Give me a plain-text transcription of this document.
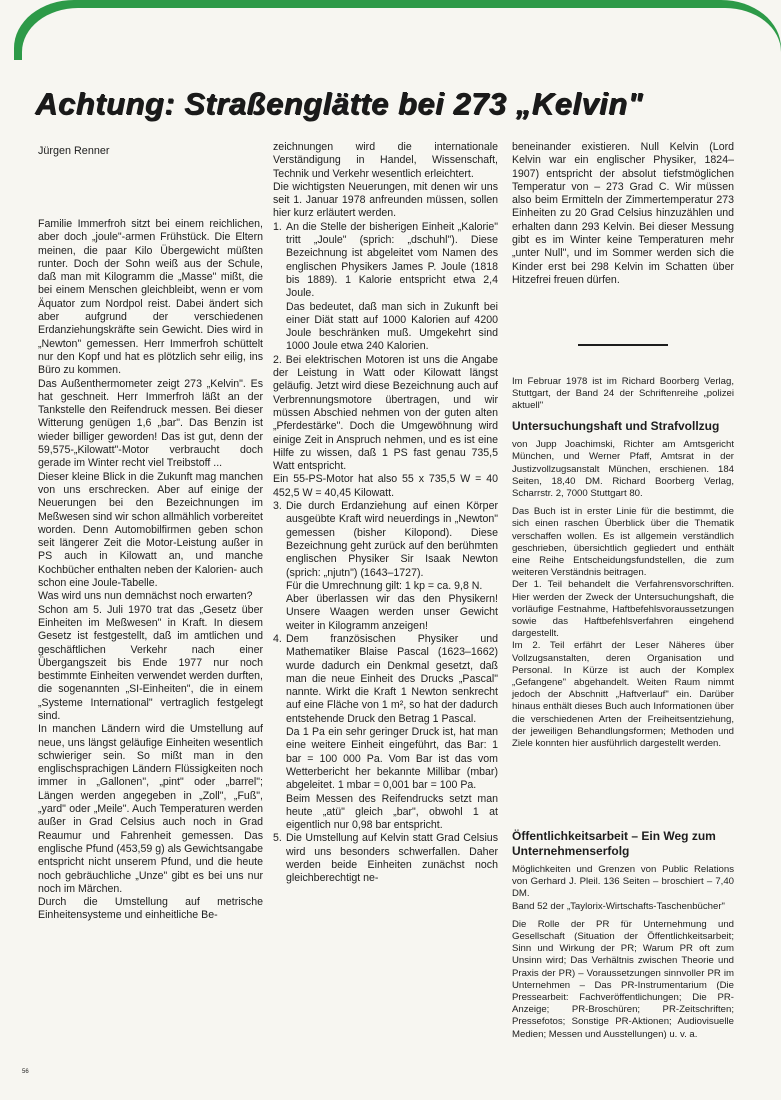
Achtung: Straßenglätte bei 273 „Kelvin"
Jürgen Renner

Familie Immerfroh sitzt bei einem reichlichen, aber doch „joule"-armen Frühstück. Die Eltern meinen, die paar Kilo Übergewicht müßten runter. Doch der Sohn weiß aus der Schule, daß man mit Kilogramm die „Masse" mißt, die bei einem Menschen gleichbleibt, wenn er vom Äquator zum Nordpol reist. Dabei ändert sich aber aufgrund der verschiedenen Erdanziehungskräfte sein Gewicht. Dies wird in „Newton" gemessen. Herr Immerfroh schüttelt nur den Kopf und hat es plötzlich sehr eilig, ins Büro zu kommen.

Das Außenthermometer zeigt 273 „Kelvin". Es hat geschneit. Herr Immerfroh läßt an der Tankstelle den Reifendruck messen. Bei dieser Witterung genügen 1,6 „bar". Das Benzin ist wieder billiger geworden! Das ist gut, denn der 59,575-„Kilowatt"-Motor verbraucht doch gerade im Winter recht viel Treibstoff ...

Dieser kleine Blick in die Zukunft mag manchen von uns erschrecken. Aber auf einige der Neuerungen bei den Bezeichnungen im Meßwesen sind wir schon allmählich vorbereitet worden. Denn Automobilfirmen geben schon seit längerer Zeit die Motor-Leistung außer in PS auch in Kilowatt an, und manche Kochbücher enthalten neben der Kalorien- auch schon eine Joule-Tabelle.

Was wird uns nun demnächst noch erwarten?

Schon am 5. Juli 1970 trat das „Gesetz über Einheiten im Meßwesen" in Kraft. In diesem Gesetz ist festgestellt, daß im amtlichen und geschäftlichen Verkehr nach einer Übergangszeit bis Ende 1977 nur noch bestimmte Einheiten verwendet werden durften, die sogenannten „SI-Einheiten", die in einem „Systeme International" vertraglich festgelegt sind.

In manchen Ländern wird die Umstellung auf neue, uns längst geläufige Einheiten wesentlich schwieriger sein. So mißt man in den englischsprachigen Ländern Flüssigkeiten noch immer in „Gallonen", „pint" oder „barrel"; Längen werden angegeben in „Zoll", „Fuß", „yard" oder „Meile". Auch Temperaturen werden außer in Grad Celsius auch noch in Grad Reaumur und Fahrenheit gemessen. Das englische Pfund (453,59 g) als Gewichtsangabe entspricht nicht unserem Pfund, und die heute noch gebräuchliche „Unze" gibt es bei uns nur noch im Märchen.

Durch die Umstellung auf metrische Einheitensysteme und einheitliche Be-

zeichnungen wird die internationale Verständigung in Handel, Wissenschaft, Technik und Verkehr wesentlich erleichtert.

Die wichtigsten Neuerungen, mit denen wir uns seit 1. Januar 1978 anfreunden müssen, sollen hier kurz erläutert werden.

1. An die Stelle der bisherigen Einheit „Kalorie" tritt „Joule" (sprich: „dschuhl"). Diese Bezeichnung ist abgeleitet vom Namen des englischen Physikers James P. Joule (1818 bis 1889). 1 Kalorie entspricht etwa 2,4 Joule.

Das bedeutet, daß man sich in Zukunft bei einer Diät statt auf 1000 Kalorien auf 4200 Joule beschränken muß. Umgekehrt sind 1000 Joule etwa 240 Kalorien.

2. Bei elektrischen Motoren ist uns die Angabe der Leistung in Watt oder Kilowatt längst geläufig. Jetzt wird diese Bezeichnung auch auf Verbrennungsmotore übertragen, und wir müssen Abschied nehmen von der guten alten „Pferdestärke". Doch die Umgewöhnung wird einige Zeit in Anspruch nehmen, und es ist eine Hilfe zu wissen, daß 1 PS fast genau 735,5 Watt entspricht.

Ein 55-PS-Motor hat also 55 x 735,5 W = 40 452,5 W = 40,45 Kilowatt.

3. Die durch Erdanziehung auf einen Körper ausgeübte Kraft wird neuerdings in „Newton" gemessen (bisher Kilopond). Diese Bezeichnung geht zurück auf den berühmten englischen Physiker Sir Isaak Newton (sprich: „njutn") (1643–1727).

Für die Umrechnung gilt: 1 kp = ca. 9,8 N.

Aber überlassen wir das den Physikern! Unsere Waagen werden unser Gewicht weiter in Kilogramm anzeigen!

4. Dem französischen Physiker und Mathematiker Blaise Pascal (1623–1662) wurde dadurch ein Denkmal gesetzt, daß man die neue Einheit des Drucks „Pascal" nannte. Wirkt die Kraft 1 Newton senkrecht auf eine Fläche von 1 m², so hat der dadurch entstehende Druck den Betrag 1 Pascal.

Da 1 Pa ein sehr geringer Druck ist, hat man eine weitere Einheit eingeführt, das Bar: 1 bar = 100 000 Pa. Vom Bar ist das vom Wetterbericht her bekannte Millibar (mbar) abgeleitet. 1 mbar = 0,001 bar = 100 Pa.

Beim Messen des Reifendrucks setzt man heute „atü" gleich „bar", obwohl 1 at eigentlich nur 0,98 bar entspricht.

5. Die Umstellung auf Kelvin statt Grad Celsius wird uns besonders schwerfallen. Daher werden beide Einheiten zunächst noch gleichberechtigt ne-

beneinander existieren. Null Kelvin (Lord Kelvin war ein englischer Physiker, 1824–1907) entspricht der absolut tiefstmöglichen Temperatur von – 273 Grad C. Wir müssen also beim Ermitteln der Zimmertemperatur 273 Einheiten zu 20 Grad Celsius hinzuzählen und erhalten dann 293 Kelvin. Bei dieser Messung gibt es im Winter keine Temperaturen mehr „unter Null", und im Sommer werden sich die Kinder erst bei 298 Kelvin im Schatten über Hitzefrei freuen dürfen.

Im Februar 1978 ist im Richard Boorberg Verlag, Stuttgart, der Band 24 der Schriftenreihe „polizei aktuell"

Untersuchungshaft und Strafvollzug

von Jupp Joachimski, Richter am Amtsgericht München, und Werner Pfaff, Amtsrat in der Justizvollzugsanstalt München, erschienen. 184 Seiten, 18,40 DM. Richard Boorberg Verlag, Scharrstr. 2, 7000 Stuttgart 80.

Das Buch ist in erster Linie für die bestimmt, die sich einen raschen Überblick über die Thematik verschaffen wollen. Es ist allgemein verständlich geschrieben, übersichtlich gegliedert und enthält eine Reihe Entscheidungsfundstellen, die zum weiteren Verständnis beitragen.

Der 1. Teil behandelt die Verfahrensvorschriften. Hier werden der Zweck der Untersuchungshaft, die vorläufige Festnahme, Haftbefehlsvoraussetzungen sowie das Haftbefehlsverfahren eingehend dargestellt.

Im 2. Teil erfährt der Leser Näheres über Vollzugsanstalten, deren Organisation und Personal. In Kürze ist auch der Komplex „Gefangene" abgehandelt. Weiten Raum nimmt jedoch der Abschnitt „Haftverlauf" ein. Darüber hinaus enthält dieses Buch auch Informationen über die verschiedenen Arten der Freiheitsentziehung, der jeweiligen Behandlungsformen; Methoden und Ziele konnten hier ausführlich dargestellt werden.

Öffentlichkeitsarbeit – Ein Weg zum Unternehmenserfolg

Möglichkeiten und Grenzen von Public Relations von Gerhard J. Pleil. 136 Seiten – broschiert – 7,40 DM.

Band 52 der „Taylorix-Wirtschafts-Taschenbücher"

Die Rolle der PR für Unternehmung und Gesellschaft (Situation der Öffentlichkeitsarbeit; Sinn und Wirkung der PR; Warum PR oft zum Unsinn wird; Das Verhältnis zwischen Theorie und Praxis der PR) – Voraussetzungen sinnvoller PR im Unternehmen – Das PR-Instrumentarium (Die Pressearbeit: Fachveröffentlichungen; Die PR-Anzeige; PR-Broschüren; PR-Zeitschriften; Pressefotos; Sonstige PR-Aktionen; Audiovisuelle Medien; Messen und Ausstellungen) u. v. a.

56
